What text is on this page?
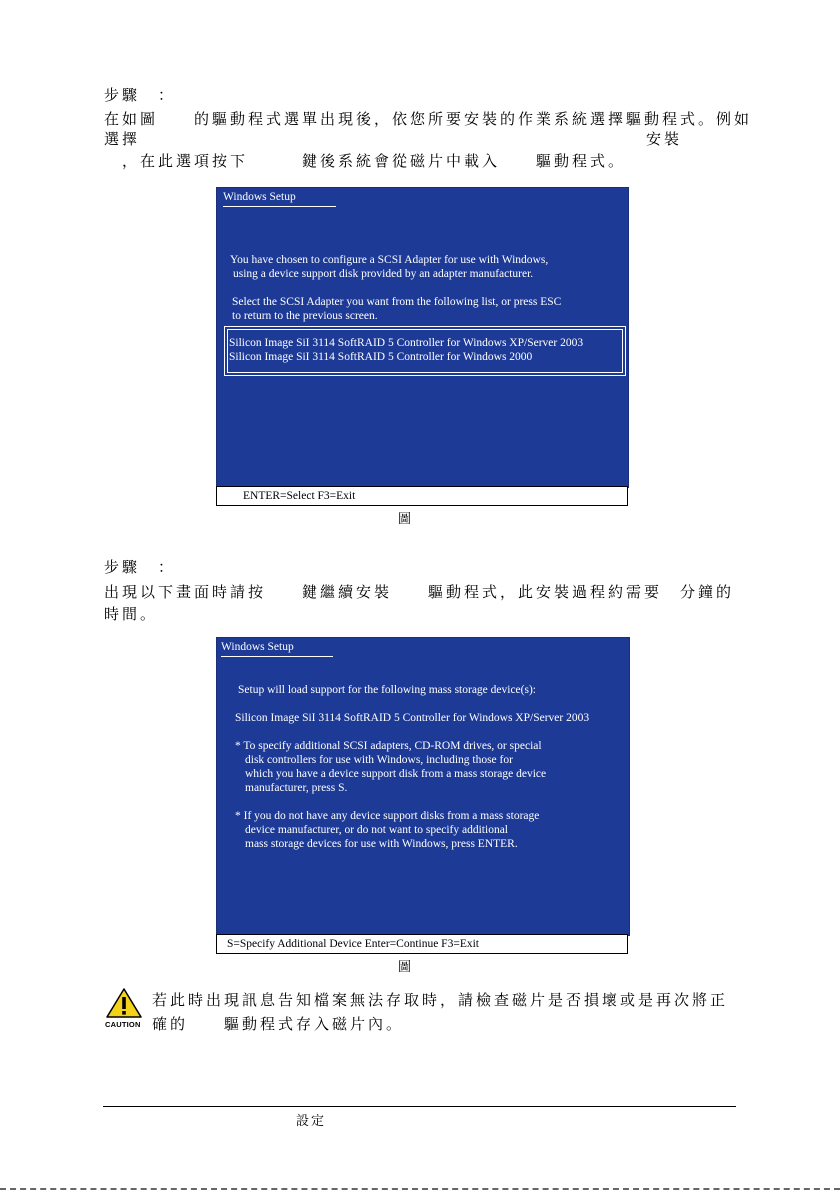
步驟　：
在如圖　　的驅動程式選單出現後，依您所要安裝的作業系統選擇驅動程式。例如
選擇	安裝
　，在此選項按下　　　鍵後系統會從磁片中載入　　驅動程式。
Windows Setup
You have chosen to configure a SCSI Adapter for use with Windows,
using a device support disk provided by an adapter manufacturer.
Select the SCSI Adapter you want from the following list, or press ESC
to return to the previous screen.
Silicon Image SiI 3114 SoftRAID 5 Controller for Windows XP/Server 2003
Silicon Image SiI 3114 SoftRAID 5 Controller for Windows 2000
ENTER=Select F3=Exit
圖
步驟　：
出現以下畫面時請按　　鍵繼續安裝　　驅動程式，此安裝過程約需要　分鐘的
時間。
Windows Setup
Setup will load support for the following mass storage device(s):
Silicon Image SiI 3114 SoftRAID 5 Controller for Windows XP/Server 2003
* To specify additional SCSI adapters, CD-ROM drives, or special
disk controllers for use with Windows, including those for
which you have a device support disk from a mass storage device
manufacturer, press S.
* If you do not have any device support disks from a mass storage
device manufacturer, or do not want to specify additional
mass storage devices for use with Windows, press ENTER.
S=Specify Additional Device Enter=Continue F3=Exit
圖
CAUTION
若此時出現訊息告知檔案無法存取時，請檢查磁片是否損壞或是再次將正
確的　　驅動程式存入磁片內。
設定
